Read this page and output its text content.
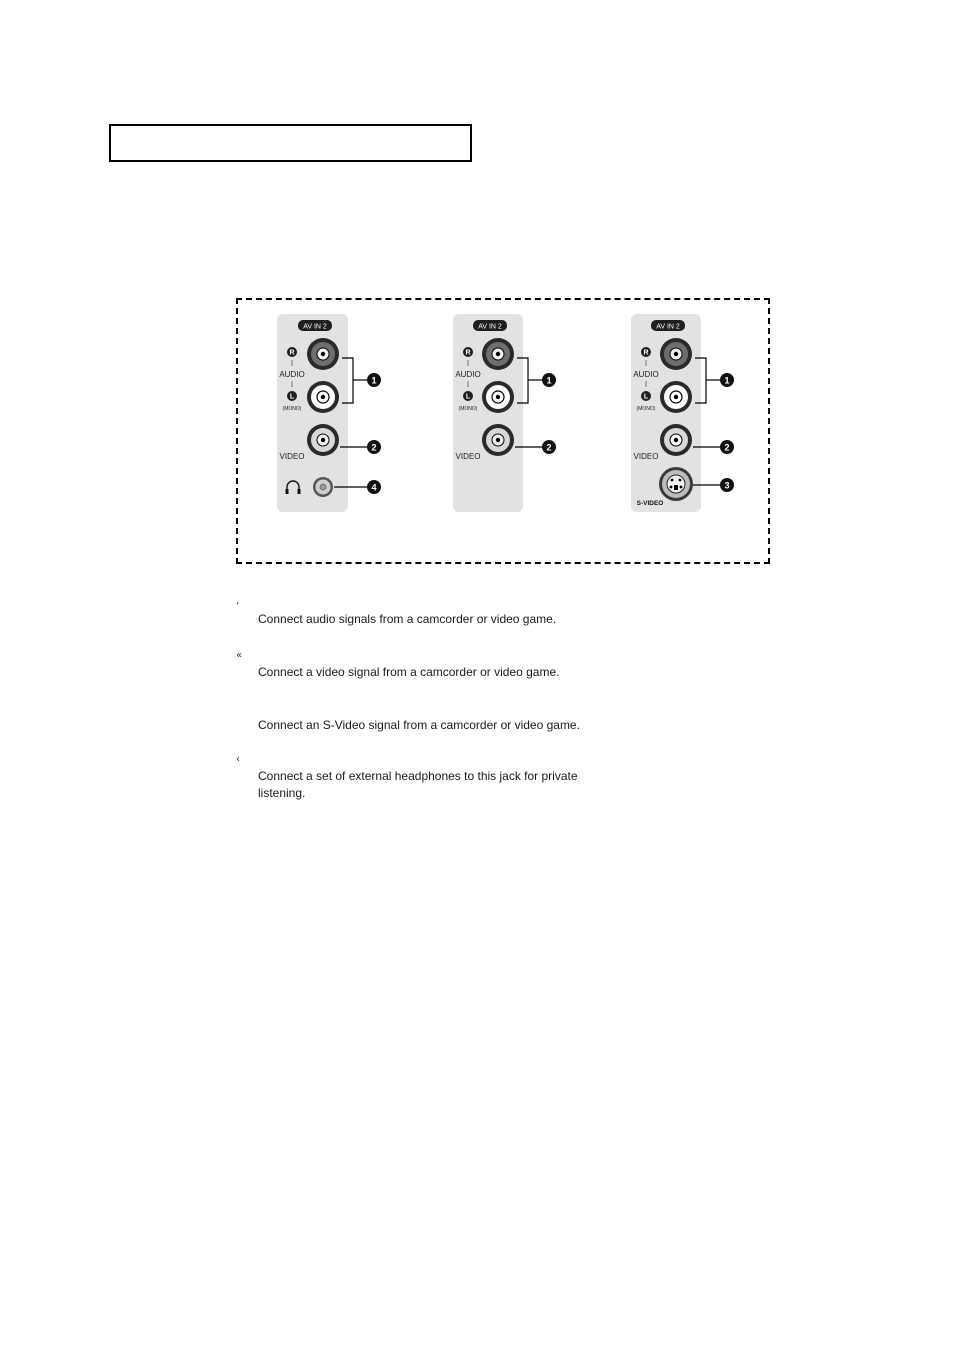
AV IN 2
R
AUDIO
L
(MONO)
VIDEO
1
2
4
AV IN 2
R
AUDIO
L
(MONO)
VIDEO
1
2
AV IN 2
R
AUDIO
L
(MONO)
VIDEO
S-VIDEO
1
2
3
‘
Connect audio signals from a camcorder or video game.
«
Connect a video signal from a camcorder or video game.
Connect an S-Video signal from a camcorder or video game.
‹
Connect a set of external headphones to this jack for private listening.
